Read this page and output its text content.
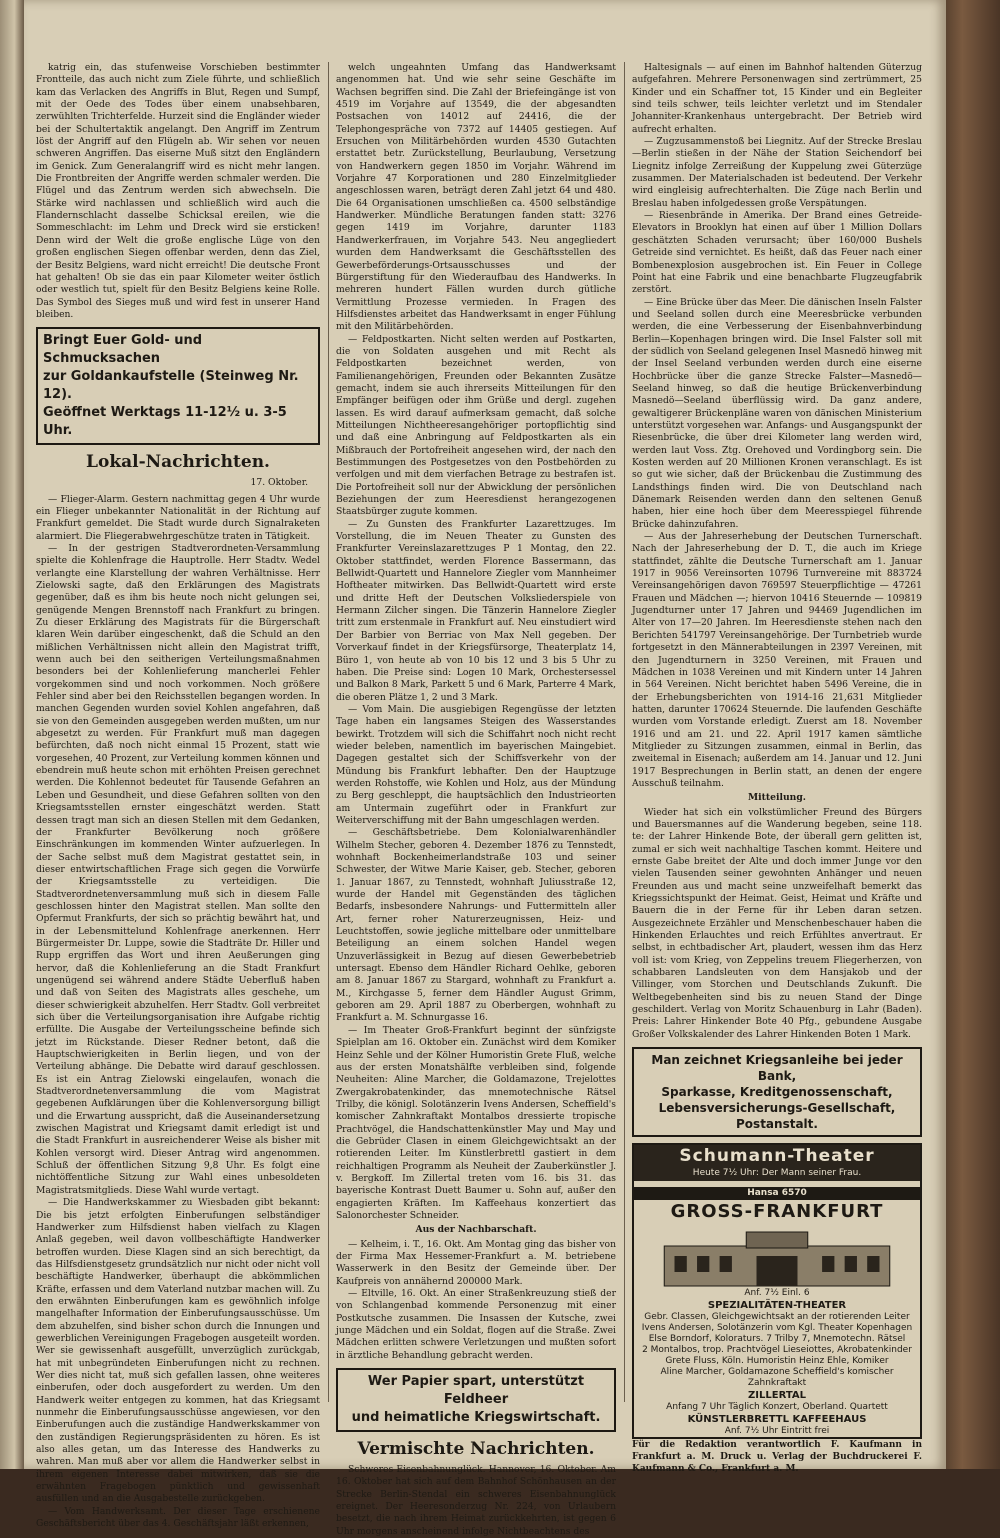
katrig ein, das stufenweise Vorschieben bestimmter Frontteile, das auch nicht zum Ziele führte, und schließlich kam das Verlacken des Angriffs in Blut, Regen und Sumpf, mit der Oede des Todes über einem unabsehbaren, zerwühlten Trichterfelde. Hurzeit sind die Engländer wieder bei der Schultertaktik angelangt. Den Angriff im Zentrum löst der Angriff auf den Flügeln ab. Wir sehen vor neuen schweren Angriffen. Das eiserne Muß sitzt den Engländern im Genick. Zum Generalangriff wird es nicht mehr langen. Die Frontbreiten der Angriffe werden schmaler werden. Die Flügel und das Zentrum werden sich abwechseln. Die Stärke wird nachlassen und schließlich wird auch die Flandernschlacht dasselbe Schicksal ereilen, wie die Sommeschlacht: im Lehm und Dreck wird sie ersticken! Denn wird der Welt die große englische Lüge von den großen englischen Siegen offenbar werden, denn das Ziel, der Besitz Belgiens, ward nicht erreicht! Die deutsche Front hat gehalten! Ob sie das ein paar Kilometer weiter östlich oder westlich tut, spielt für den Besitz Belgiens keine Rolle. Das Symbol des Sieges muß und wird fest in unserer Hand bleiben.

Bringt Euer Gold- und Schmucksachen
zur Goldankaufstelle (Steinweg Nr. 12).
Geöffnet Werktags 11-12½ u. 3-5 Uhr.
Lokal-Nachrichten.
17. Oktober.

— Flieger-Alarm. Gestern nachmittag gegen 4 Uhr wurde ein Flieger unbekannter Nationalität in der Richtung auf Frankfurt gemeldet. Die Stadt wurde durch Signalraketen alarmiert. Die Fliegerabwehrgeschütze traten in Tätigkeit.

— In der gestrigen Stadtverordneten-Versammlung spielte die Kohlenfrage die Hauptrolle. Herr Stadtv. Wedel verlangte eine Klarstellung der wahren Verhältnisse. Herr Zielowski sagte, daß den Erklärungen des Magistrats gegenüber, daß es ihm bis heute noch nicht gelungen sei, genügende Mengen Brennstoff nach Frankfurt zu bringen. Zu dieser Erklärung des Magistrats für die Bürgerschaft klaren Wein darüber eingeschenkt, daß die Schuld an den mißlichen Verhältnissen nicht allein den Magistrat trifft, wenn auch bei den seitherigen Verteilungsmaßnahmen besonders bei der Kohlenlieferung mancherlei Fehler vorgekommen sind und noch vorkommen. Noch größere Fehler sind aber bei den Reichsstellen begangen worden. In manchen Gegenden wurden soviel Kohlen angefahren, daß sie von den Gemeinden ausgegeben werden mußten, um nur abgesetzt zu werden. Für Frankfurt muß man dagegen befürchten, daß noch nicht einmal 15 Prozent, statt wie vorgesehen, 40 Prozent, zur Verteilung kommen können und ebendrein muß heute schon mit erhöhten Preisen gerechnet werden. Die Kohlennot bedeutet für Tausende Gefahren an Leben und Gesundheit, und diese Gefahren sollten von den Kriegsamtsstellen ernster eingeschätzt werden. Statt dessen tragt man sich an diesen Stellen mit dem Gedanken, der Frankfurter Bevölkerung noch größere Einschränkungen im kommenden Winter aufzuerlegen. In der Sache selbst muß dem Magistrat gestattet sein, in dieser entwirtschaftlichen Frage sich gegen die Vorwürfe der Kriegsamtsstelle zu verteidigen. Die Stadtverordnetenversammlung muß sich in diesem Falle geschlossen hinter den Magistrat stellen. Man sollte den Opfermut Frankfurts, der sich so prächtig bewährt hat, und in der Lebensmittelund Kohlenfrage anerkennen. Herr Bürgermeister Dr. Luppe, sowie die Stadträte Dr. Hiller und Rupp ergriffen das Wort und ihren Aeußerungen ging hervor, daß die Kohlenlieferung an die Stadt Frankfurt ungenügend sei während andere Städte Ueberfluß haben und daß von Seiten des Magistrats alles geschehe, um dieser schwierigkeit abzuhelfen. Herr Stadtv. Goll verbreitet sich über die Verteilungsorganisation ihre Aufgabe richtig erfüllte. Die Ausgabe der Verteilungsscheine befinde sich jetzt im Rückstande. Dieser Redner betont, daß die Hauptschwierigkeiten in Berlin liegen, und von der Verteilung abhänge. Die Debatte wird darauf geschlossen. Es ist ein Antrag Zielowski eingelaufen, wonach die Stadtverordnetenversammlung die vom Magistrat gegebenen Aufklärungen über die Kohlenversorgung billigt und die Erwartung ausspricht, daß die Auseinandersetzung zwischen Magistrat und Kriegsamt damit erledigt ist und die Stadt Frankfurt in ausreichenderer Weise als bisher mit Kohlen versorgt wird. Dieser Antrag wird angenommen. Schluß der öffentlichen Sitzung 9,8 Uhr. Es folgt eine nichtöffentliche Sitzung zur Wahl eines unbesoldeten Magistratsmitglieds. Diese Wahl wurde vertagt.

— Die Handwerkskammer zu Wiesbaden gibt bekannt: Die bis jetzt erfolgten Einberufungen selbständiger Handwerker zum Hilfsdienst haben vielfach zu Klagen Anlaß gegeben, weil davon vollbeschäftigte Handwerker betroffen wurden. Diese Klagen sind an sich berechtigt, da das Hilfsdienstgesetz grundsätzlich nur nicht oder nicht voll beschäftigte Handwerker, überhaupt die abkömmlichen Kräfte, erfassen und dem Vaterland nutzbar machen will. Zu den erwähnten Einberufungen kam es gewöhnlich infolge mangelhafter Information der Einberufungsausschüsse. Um dem abzuhelfen, sind bisher schon durch die Innungen und gewerblichen Vereinigungen Fragebogen ausgeteilt worden. Wer sie gewissenhaft ausgefüllt, unverzüglich zurückgab, hat mit unbegründeten Einberufungen nicht zu rechnen. Wer dies nicht tat, muß sich gefallen lassen, ohne weiteres einberufen, oder doch ausgefordert zu werden. Um den Handwerk weiter entgegen zu kommen, hat das Kriegsamt nunmehr die Einberufungsausschüsse angewiesen, vor den Einberufungen auch die zuständige Handwerkskammer von den zuständigen Regierungspräsidenten zu hören. Es ist also alles getan, um das Interesse des Handwerks zu wahren. Man muß aber vor allem die Handwerker selbst in ihrem eigenen Interesse dabei mitwirken, daß sie die erwähnten Fragebogen pünktlich und gewissenhaft ausfüllen und an die Ausgabestelle zurückgeben.

— Vom Handwerksamt. Der dieser Tage erschienene Geschäftsbericht über das 4. Geschäftsjahr läßt erkennen,

welch ungeahnten Umfang das Handwerksamt angenommen hat. Und wie sehr seine Geschäfte im Wachsen begriffen sind. Die Zahl der Briefeingänge ist von 4519 im Vorjahre auf 13549, die der abgesandten Postsachen von 14012 auf 24416, die der Telephongespräche von 7372 auf 14405 gestiegen. Auf Ersuchen von Militärbehörden wurden 4530 Gutachten erstattet betr. Zurückstellung, Beurlaubung, Versetzung von Handwerkern gegen 1850 im Vorjahr. Während im Vorjahre 47 Korporationen und 280 Einzelmitglieder angeschlossen waren, beträgt deren Zahl jetzt 64 und 480. Die 64 Organisationen umschließen ca. 4500 selbständige Handwerker. Mündliche Beratungen fanden statt: 3276 gegen 1419 im Vorjahre, darunter 1183 Handwerkerfrauen, im Vorjahre 543. Neu angegliedert wurden dem Handwerksamt die Geschäftsstellen des Gewerbeförderungs-Ortsausschusses und der Bürgerstiftung für den Wiederaufbau des Handwerks. In mehreren hundert Fällen wurden durch gütliche Vermittlung Prozesse vermieden. In Fragen des Hilfsdienstes arbeitet das Handwerksamt in enger Fühlung mit den Militärbehörden.

— Feldpostkarten. Nicht selten werden auf Postkarten, die von Soldaten ausgehen und mit Recht als Feldpostkarten bezeichnet werden, von Familienangehörigen, Freunden oder Bekannten Zusätze gemacht, indem sie auch ihrerseits Mitteilungen für den Empfänger beifügen oder ihm Grüße und dergl. zugehen lassen. Es wird darauf aufmerksam gemacht, daß solche Mitteilungen Nichtheeresangehöriger portopflichtig sind und daß eine Anbringung auf Feldpostkarten als ein Mißbrauch der Portofreiheit angesehen wird, der nach den Bestimmungen des Postgesetzes von den Postbehörden zu verfolgen und mit dem vierfachen Betrage zu bestrafen ist. Die Portofreiheit soll nur der Abwicklung der persönlichen Beziehungen der zum Heeresdienst herangezogenen Staatsbürger zugute kommen.

— Zu Gunsten des Frankfurter Lazarettzuges. Im Vorstellung, die im Neuen Theater zu Gunsten des Frankfurter Vereinslazarettzuges P 1 Montag, den 22. Oktober stattfindet, werden Florence Bassermann, das Bellwidt-Quartett und Hannelore Ziegler vom Mannheimer Hoftheater mitwirken. Das Bellwidt-Quartett wird erste und dritte Heft der Deutschen Volksliederspiele von Hermann Zilcher singen. Die Tänzerin Hannelore Ziegler tritt zum erstenmale in Frankfurt auf. Neu einstudiert wird Der Barbier von Berriac von Max Nell gegeben. Der Vorverkauf findet in der Kriegsfürsorge, Theaterplatz 14, Büro 1, von heute ab von 10 bis 12 und 3 bis 5 Uhr zu haben. Die Preise sind: Logen 10 Mark, Orchestersessel und Balkon 8 Mark, Parkett 5 und 6 Mark, Parterre 4 Mark, die oberen Plätze 1, 2 und 3 Mark.

— Vom Main. Die ausgiebigen Regengüsse der letzten Tage haben ein langsames Steigen des Wasserstandes bewirkt. Trotzdem will sich die Schiffahrt noch nicht recht wieder beleben, namentlich im bayerischen Maingebiet. Dagegen gestaltet sich der Schiffsverkehr von der Mündung bis Frankfurt lebhafter. Den der Hauptzuge werden Rohstoffe, wie Kohlen und Holz, aus der Mündung zu Berg geschleppt, die hauptsächlich den Industrieorten am Untermain zugeführt oder in Frankfurt zur Weiterverschiffung mit der Bahn umgeschlagen werden.

— Geschäftsbetriebe. Dem Kolonialwarenhändler Wilhelm Stecher, geboren 4. Dezember 1876 zu Tennstedt, wohnhaft Bockenheimerlandstraße 103 und seiner Schwester, der Witwe Marie Kaiser, geb. Stecher, geboren 1. Januar 1867, zu Tennstedt, wohnhaft Juliusstraße 12, wurde der Handel mit Gegenständen des täglichen Bedarfs, insbesondere Nahrungs- und Futtermitteln aller Art, ferner roher Naturerzeugnissen, Heiz- und Leuchtstoffen, sowie jegliche mittelbare oder unmittelbare Beteiligung an einem solchen Handel wegen Unzuverlässigkeit in Bezug auf diesen Gewerbebetrieb untersagt. Ebenso dem Händler Richard Oehlke, geboren am 8. Januar 1867 zu Stargard, wohnhaft zu Frankfurt a. M., Kirchgasse 5, ferner dem Händler August Grimm, geboren am 29. April 1887 zu Oberbergen, wohnhaft zu Frankfurt a. M. Schnurgasse 16.

— Im Theater Groß-Frankfurt beginnt der sünfzigste Spielplan am 16. Oktober ein. Zunächst wird dem Komiker Heinz Sehle und der Kölner Humoristin Grete Fluß, welche aus der ersten Monatshälfte verbleiben sind, folgende Neuheiten: Aline Marcher, die Goldamazone, Trejelottes Zwergakrobatenkinder, das mnemotechnische Rätsel Trilby, die königl. Solotänzerin Ivens Andersen, Scheffield's komischer Zahnkraftakt Montalbos dressierte tropische Prachtvögel, die Handschattenkünstler May und May und die Gebrüder Clasen in einem Gleichgewichtsakt an der rotierenden Leiter. Im Künstlerbrettl gastiert in dem reichhaltigen Programm als Neuheit der Zauberkünstler J. v. Bergkoff. Im Zillertal treten vom 16. bis 31. das bayerische Kontrast Duett Baumer u. Sohn auf, außer den engagierten Kräften. Im Kaffeehaus konzertiert das Salonorchester Schneider.

Aus der Nachbarschaft.

— Kelheim, i. T., 16. Okt. Am Montag ging das bisher von der Firma Max Hessemer-Frankfurt a. M. betriebene Wasserwerk in den Besitz der Gemeinde über. Der Kaufpreis von annähernd 200000 Mark.

— Eltville, 16. Okt. An einer Straßenkreuzung stieß der von Schlangenbad kommende Personenzug mit einer Postkutsche zusammen. Die Insassen der Kutsche, zwei junge Mädchen und ein Soldat, flogen auf die Straße. Zwei Mädchen erlitten schwere Verletzungen und mußten sofort in ärztliche Behandlung gebracht werden.

Wer Papier spart, unterstützt Feldheer
und heimatliche Kriegswirtschaft.
Vermischte Nachrichten.

Schweres Eisenbahnunglück. Hannover, 16. Oktober. Am 16. Oktober hat sich auf dem Bahnhof Schönhausen an der Strecke Berlin-Stendal ein schweres Eisenbahnunglück ereignet. Der Heeresonderzug Nr. 224, von Urlaubern besetzt, die nach ihrem Heimat zurückkehrten, ist gegen 6 Uhr morgens anscheinend infolge Nichtbeachtens des

Haltesignals — auf einen im Bahnhof haltenden Güterzug aufgefahren. Mehrere Personenwagen sind zertrümmert, 25 Kinder und ein Schaffner tot, 15 Kinder und ein Begleiter sind teils schwer, teils leichter verletzt und im Stendaler Johanniter-Krankenhaus untergebracht. Der Betrieb wird aufrecht erhalten.

— Zugzusammenstoß bei Liegnitz. Auf der Strecke Breslau—Berlin stießen in der Nähe der Station Seichendorf bei Liegnitz infolge Zerreißung der Kuppelung zwei Güterzüge zusammen. Der Materialschaden ist bedeutend. Der Verkehr wird eingleisig aufrechterhalten. Die Züge nach Berlin und Breslau haben infolgedessen große Verspätungen.

— Riesenbrände in Amerika. Der Brand eines Getreide-Elevators in Brooklyn hat einen auf über 1 Million Dollars geschätzten Schaden verursacht; über 160/000 Bushels Getreide sind vernichtet. Es heißt, daß das Feuer nach einer Bombenexplosion ausgebrochen ist. Ein Feuer in College Point hat eine Fabrik und eine benachbarte Flugzeugfabrik zerstört.

— Eine Brücke über das Meer. Die dänischen Inseln Falster und Seeland sollen durch eine Meeresbrücke verbunden werden, die eine Verbesserung der Eisenbahnverbindung Berlin—Kopenhagen bringen wird. Die Insel Falster soll mit der südlich von Seeland gelegenen Insel Masnedö hinweg mit der Insel Seeland verbunden werden durch eine eiserne Hochbrücke über die ganze Strecke Falster—Masnedö—Seeland hinweg, so daß die heutige Brückenverbindung Masnedö—Seeland überflüssig wird. Da ganz andere, gewaltigerer Brückenpläne waren von dänischen Ministerium unterstützt vorgesehen war. Anfangs- und Ausgangspunkt der Riesenbrücke, die über drei Kilometer lang werden wird, werden laut Voss. Ztg. Orehoved und Vordingborg sein. Die Kosten werden auf 20 Millionen Kronen veranschlagt. Es ist so gut wie sicher, daß der Brückenbau die Zustimmung des Landsthings finden wird. Die von Deutschland nach Dänemark Reisenden werden dann den seltenen Genuß haben, hier eine hoch über dem Meeresspiegel führende Brücke dahinzufahren.

— Aus der Jahreserhebung der Deutschen Turnerschaft. Nach der Jahreserhebung der D. T., die auch im Kriege stattfindet, zählte die Deutsche Turnerschaft am 1. Januar 1917 in 9056 Vereinsorten 10796 Turnvereine mit 883724 Vereinsangehörigen davon 769597 Steuerpflichtige — 47261 Frauen und Mädchen —; hiervon 10416 Steuernde — 109819 Jugendturner unter 17 Jahren und 94469 Jugendlichen im Alter von 17—20 Jahren. Im Heeresdienste stehen nach den Berichten 541797 Vereinsangehörige. Der Turnbetrieb wurde fortgesetzt in den Männerabteilungen in 2397 Vereinen, mit den Jugendturnern in 3250 Vereinen, mit Frauen und Mädchen in 1038 Vereinen und mit Kindern unter 14 Jahren in 564 Vereinen. Nicht berichtet haben 5496 Vereine, die in der Erhebungsberichten von 1914-16 21,631 Mitglieder hatten, darunter 170624 Steuernde. Die laufenden Geschäfte wurden vom Vorstande erledigt. Zuerst am 18. November 1916 und am 21. und 22. April 1917 kamen sämtliche Mitglieder zu Sitzungen zusammen, einmal in Berlin, das zweitemal in Eisenach; außerdem am 14. Januar und 12. Juni 1917 Besprechungen in Berlin statt, an denen der engere Ausschuß teilnahm.

Mitteilung.

Wieder hat sich ein volkstümlicher Freund des Bürgers und Bauersmannes auf die Wanderung begeben, seine 118. te: der Lahrer Hinkende Bote, der überall gern gelitten ist, zumal er sich weit nachhaltige Taschen kommt. Heitere und ernste Gabe breitet der Alte und doch immer Junge vor den vielen Tausenden seiner gewohnten Anhänger und neuen Freunden aus und macht seine unzweifelhaft bemerkt das Kriegssichtspunkt der Heimat. Geist, Heimat und Kräfte und Bauern die in der Ferne für ihr Leben daran setzen. Ausgezeichnete Erzähler und Menschenbeschauer haben die Hinkenden Erlauchtes und reich Erfühltes anvertraut. Er selbst, in echtbadischer Art, plaudert, wessen ihm das Herz voll ist: vom Krieg, von Zeppelins treuem Fliegerherzen, von schabbaren Landsleuten von dem Hansjakob und der Villinger, vom Storchen und Deutschlands Zukunft. Die Weltbegebenheiten sind bis zu neuen Stand der Dinge geschildert. Verlag von Moritz Schauenburg in Lahr (Baden). Preis: Lahrer Hinkender Bote 40 Pfg., gebundene Ausgabe Großer Volkskalender des Lahrer Hinkenden Boten 1 Mark.

Man zeichnet Kriegsanleihe bei jeder Bank,
Sparkasse, Kreditgenossenschaft, Lebensversicherungs-Gesellschaft, Postanstalt.
Schumann-Theater
Heute 7½ Uhr: Der Mann seiner Frau.
Hansa 6570
GROSS-FRANKFURT
Anf. 7½ Einl. 6
SPEZIALITÄTEN-THEATER
Gebr. Classen, Gleichgewichtsakt an der rotierenden Leiter
Ivens Andersen, Solotänzerin vom Kgl. Theater Kopenhagen
Else Borndorf, Koloraturs. 7 Trilby 7, Mnemotechn. Rätsel
2 Montalbos, trop. Prachtvögel Lieseiottes, Akrobatenkinder
Grete Fluss, Köln. Humoristin Heinz Ehle, Komiker
Aline Marcher, Goldamazone Scheffield's komischer Zahnkraftakt
ZILLERTAL
Anfang 7 Uhr Täglich Konzert, Oberland. Quartett
KÜNSTLERBRETTL KAFFEEHAUS
Anf. 7½ Uhr Eintritt frei

Für die Redaktion verantwortlich F. Kaufmann in Frankfurt a. M. Druck u. Verlag der Buchdruckerei F. Kaufmann & Co., Frankfurt a. M.
